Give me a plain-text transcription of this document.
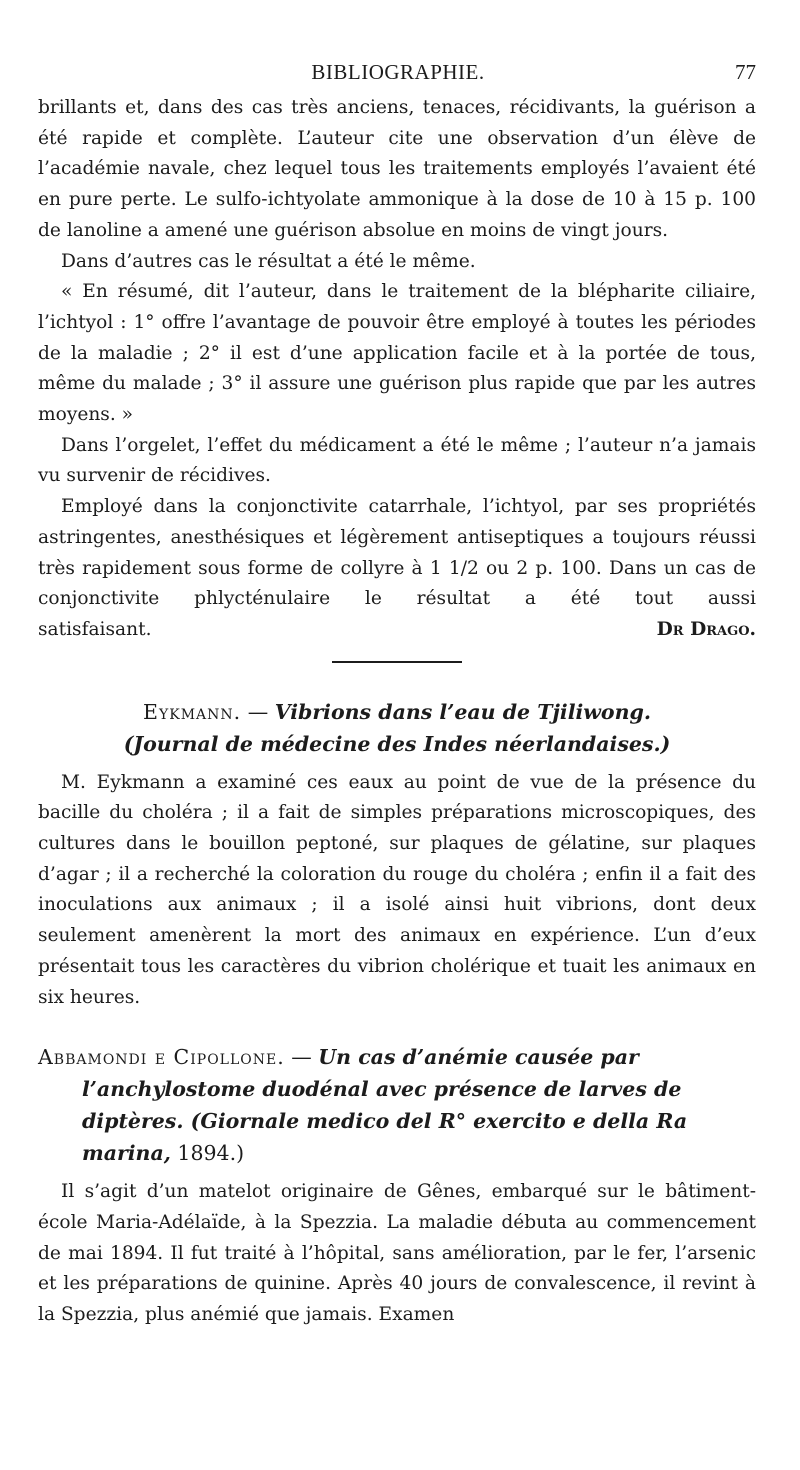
BIBLIOGRAPHIE.	77

brillants et, dans des cas très anciens, tenaces, récidivants, la guérison a été rapide et complète. L’auteur cite une observation d’un élève de l’académie navale, chez lequel tous les traitements employés l’avaient été en pure perte. Le sulfo-ichtyolate ammonique à la dose de 10 à 15 p. 100 de lanoline a amené une guérison absolue en moins de vingt jours.

Dans d’autres cas le résultat a été le même.

« En résumé, dit l’auteur, dans le traitement de la blépharite ciliaire, l’ichtyol : 1° offre l’avantage de pouvoir être employé à toutes les périodes de la maladie ; 2° il est d’une application facile et à la portée de tous, même du malade ; 3° il assure une guérison plus rapide que par les autres moyens. »

Dans l’orgelet, l’effet du médicament a été le même ; l’auteur n’a jamais vu survenir de récidives.

Employé dans la conjonctivite catarrhale, l’ichtyol, par ses propriétés astringentes, anesthésiques et légèrement antiseptiques a toujours réussi très rapidement sous forme de collyre à 1 1/2 ou 2 p. 100. Dans un cas de conjonctivite phlycténulaire le résultat a été tout aussi

satisfaisant.	Dr Drago.
Eykmann. — Vibrions dans l’eau de Tjiliwong.
(Journal de médecine des Indes néerlandaises.)

M. Eykmann a examiné ces eaux au point de vue de la présence du bacille du choléra ; il a fait de simples préparations microscopiques, des cultures dans le bouillon peptoné, sur plaques de gélatine, sur plaques d’agar ; il a recherché la coloration du rouge du choléra ; enfin il a fait des inoculations aux animaux ; il a isolé ainsi huit vibrions, dont deux seulement amenèrent la mort des animaux en expérience. L’un d’eux présentait tous les caractères du vibrion cholérique et tuait les animaux en six heures.

Abbamondi e Cipollone. — Un cas d’anémie causée par l’anchylostome duodénal avec présence de larves de diptères. (Giornale medico del R° exercito e della Ra marina, 1894.)

Il s’agit d’un matelot originaire de Gênes, embarqué sur le bâtiment-école Maria-Adélaïde, à la Spezzia. La maladie débuta au commencement de mai 1894. Il fut traité à l’hôpital, sans amélioration, par le fer, l’arsenic et les préparations de quinine. Après 40 jours de convalescence, il revint à la Spezzia, plus anémié que jamais. Examen
